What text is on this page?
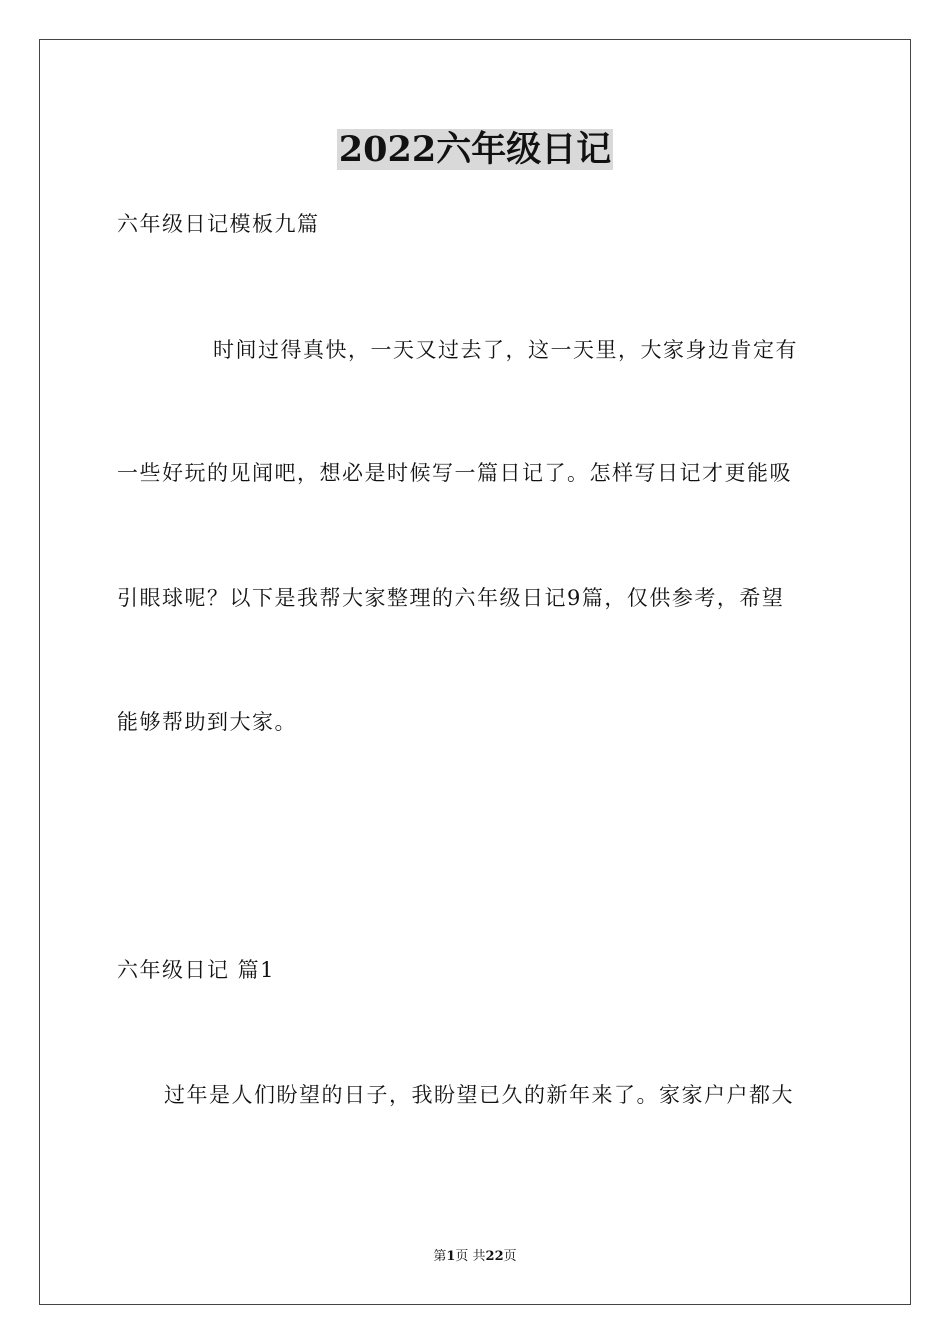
2022六年级日记
六年级日记模板九篇
时间过得真快，一天又过去了，这一天里，大家身边肯定有
一些好玩的见闻吧，想必是时候写一篇日记了。怎样写日记才更能吸
引眼球呢？以下是我帮大家整理的六年级日记9篇，仅供参考，希望
能够帮助到大家。
六年级日记 篇1
过年是人们盼望的日子，我盼望已久的新年来了。家家户户都大
第1页 共22页
